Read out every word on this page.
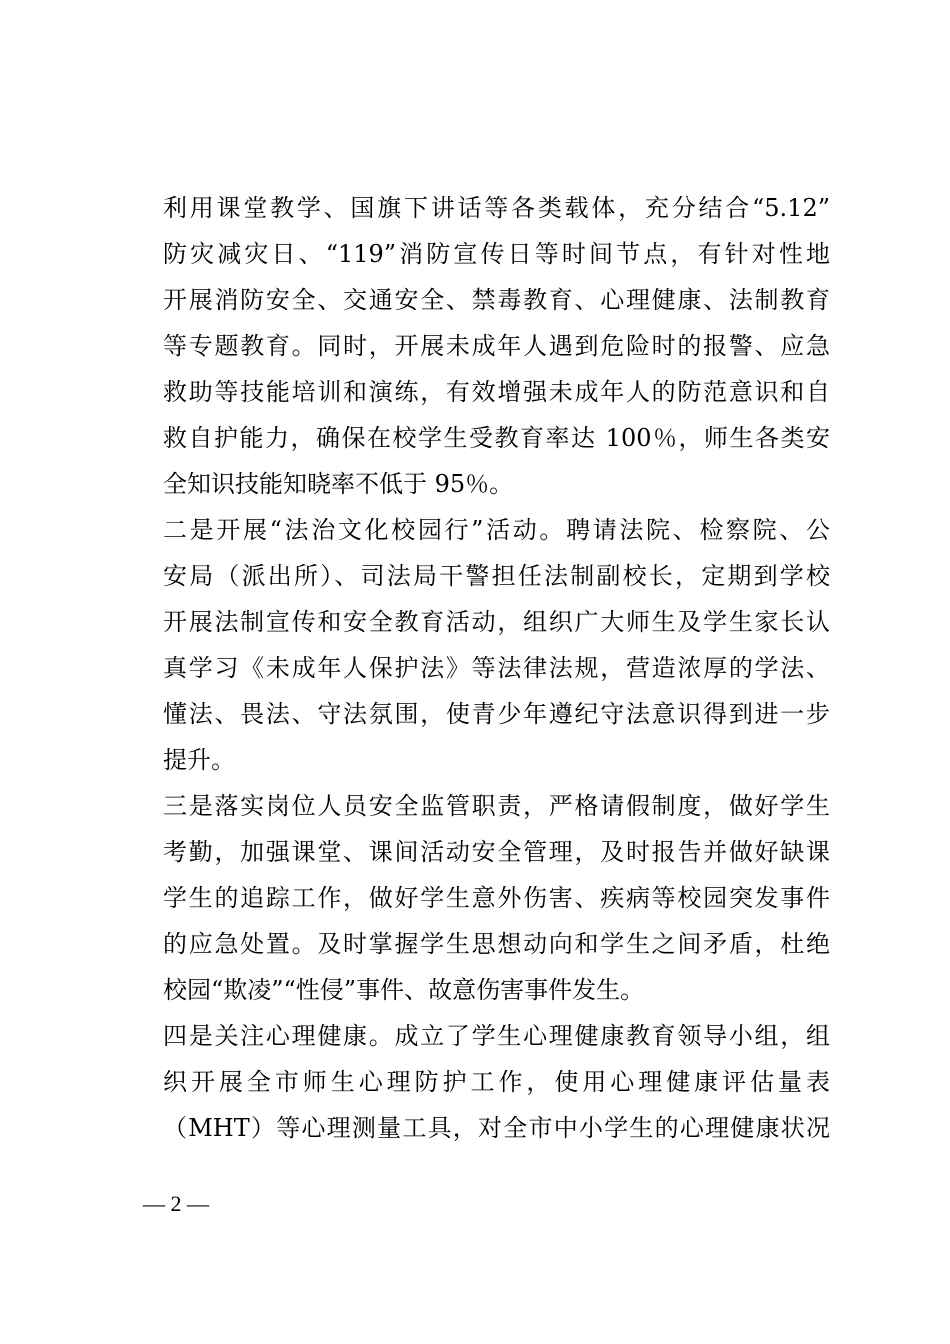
利用课堂教学、国旗下讲话等各类载体，充分结合“5.12”
防灾减灾日、“119”消防宣传日等时间节点，有针对性地
开展消防安全、交通安全、禁毒教育、心理健康、法制教育
等专题教育。同时，开展未成年人遇到危险时的报警、应急
救助等技能培训和演练，有效增强未成年人的防范意识和自
救自护能力，确保在校学生受教育率达 100％，师生各类安
全知识技能知晓率不低于 95％。
二是开展“法治文化校园行”活动。聘请法院、检察院、公
安局（派出所）、司法局干警担任法制副校长，定期到学校
开展法制宣传和安全教育活动，组织广大师生及学生家长认
真学习《未成年人保护法》等法律法规，营造浓厚的学法、
懂法、畏法、守法氛围，使青少年遵纪守法意识得到进一步
提升。
三是落实岗位人员安全监管职责，严格请假制度，做好学生
考勤，加强课堂、课间活动安全管理，及时报告并做好缺课
学生的追踪工作，做好学生意外伤害、疾病等校园突发事件
的应急处置。及时掌握学生思想动向和学生之间矛盾，杜绝
校园“欺凌”“性侵”事件、故意伤害事件发生。
四是关注心理健康。成立了学生心理健康教育领导小组，组
织开展全市师生心理防护工作，使用心理健康评估量表
（MHT）等心理测量工具，对全市中小学生的心理健康状况
— 2 —
